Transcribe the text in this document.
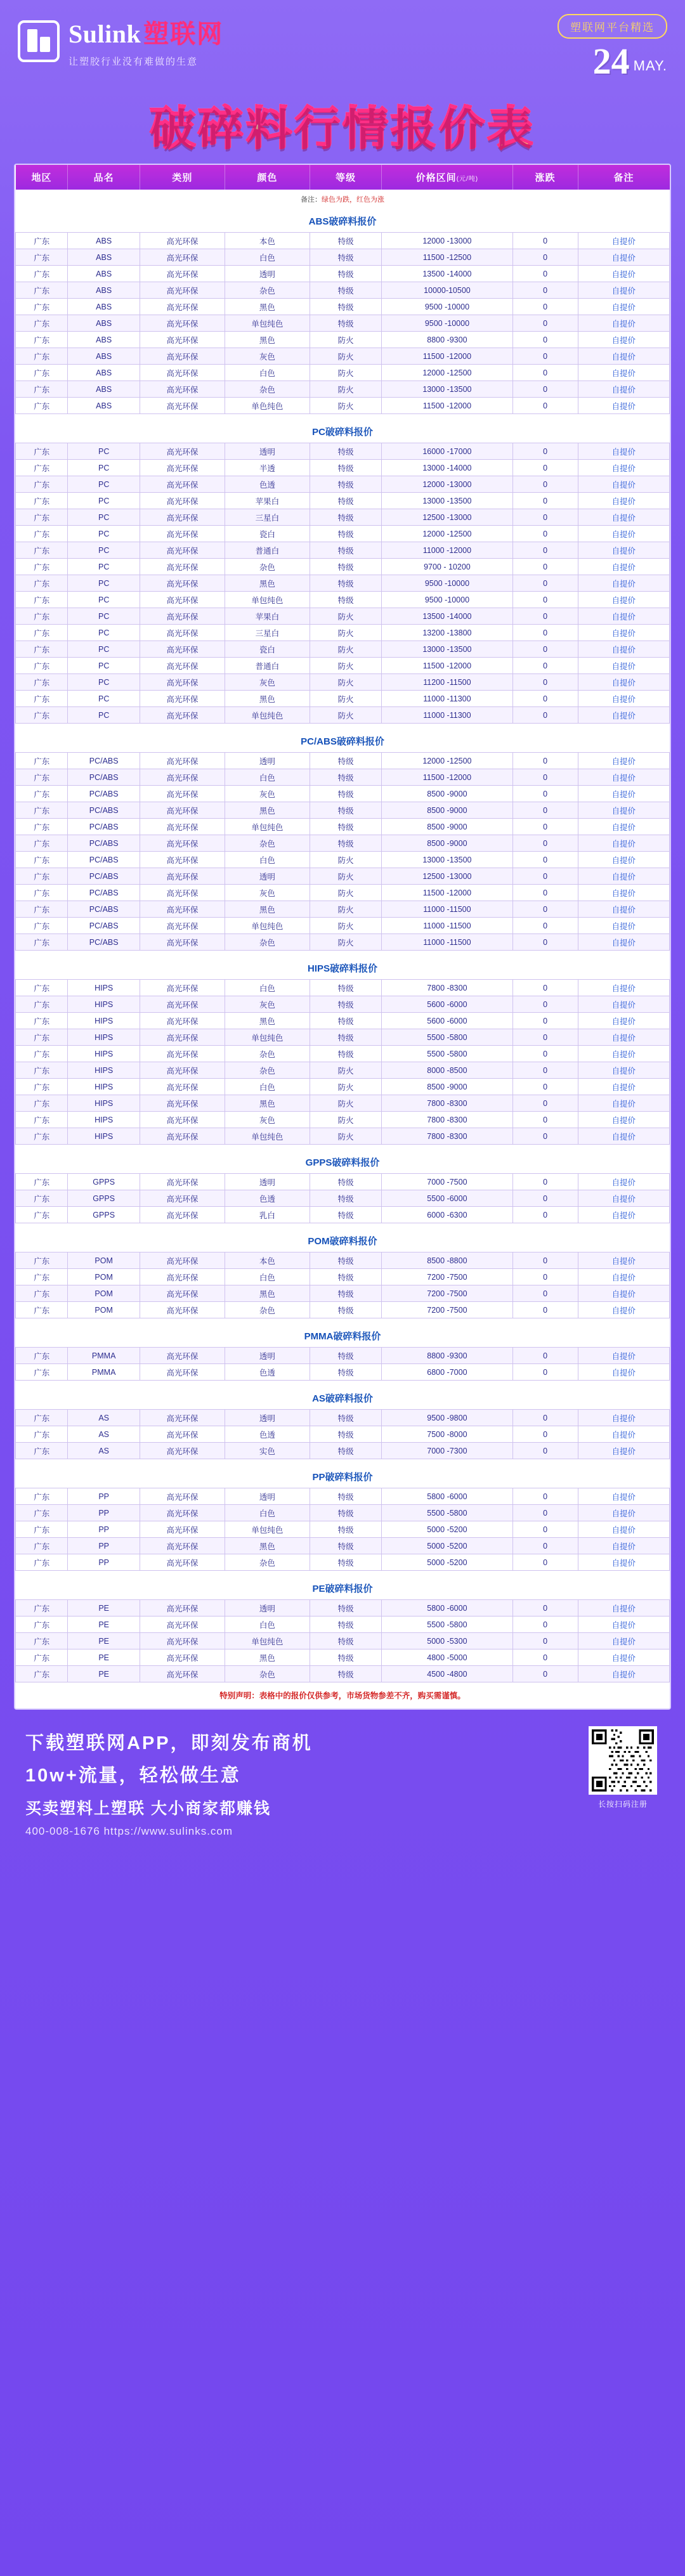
Sulink 塑联网
让塑胶行业没有难做的生意
塑联网平台精选
24 MAY.
破碎料行情报价表
地区	品名	类别	颜色	等级	价格区间(元/吨)	涨跌	备注
备注：绿色为跌，红色为涨							
ABS破碎料报价							
广东	ABS	高光环保	本色	特级	12000 -13000	0	自提价
广东	ABS	高光环保	白色	特级	11500 -12500	0	自提价
广东	ABS	高光环保	透明	特级	13500 -14000	0	自提价
广东	ABS	高光环保	杂色	特级	10000-10500	0	自提价
广东	ABS	高光环保	黑色	特级	9500 -10000	0	自提价
广东	ABS	高光环保	单包纯色	特级	9500 -10000	0	自提价
广东	ABS	高光环保	黑色	防火	8800 -9300	0	自提价
广东	ABS	高光环保	灰色	防火	11500 -12000	0	自提价
广东	ABS	高光环保	白色	防火	12000 -12500	0	自提价
广东	ABS	高光环保	杂色	防火	13000 -13500	0	自提价
广东	ABS	高光环保	单色纯色	防火	11500 -12000	0	自提价

PC破碎料报价							
广东	PC	高光环保	透明	特级	16000 -17000	0	自提价
广东	PC	高光环保	半透	特级	13000 -14000	0	自提价
广东	PC	高光环保	色透	特级	12000 -13000	0	自提价
广东	PC	高光环保	苹果白	特级	13000 -13500	0	自提价
广东	PC	高光环保	三星白	特级	12500 -13000	0	自提价
广东	PC	高光环保	瓷白	特级	12000 -12500	0	自提价
广东	PC	高光环保	普通白	特级	11000 -12000	0	自提价
广东	PC	高光环保	杂色	特级	9700 - 10200	0	自提价
广东	PC	高光环保	黑色	特级	9500 -10000	0	自提价
广东	PC	高光环保	单包纯色	特级	9500 -10000	0	自提价
广东	PC	高光环保	苹果白	防火	13500 -14000	0	自提价
广东	PC	高光环保	三星白	防火	13200 -13800	0	自提价
广东	PC	高光环保	瓷白	防火	13000 -13500	0	自提价
广东	PC	高光环保	普通白	防火	11500 -12000	0	自提价
广东	PC	高光环保	灰色	防火	11200 -11500	0	自提价
广东	PC	高光环保	黑色	防火	11000 -11300	0	自提价
广东	PC	高光环保	单包纯色	防火	11000 -11300	0	自提价

PC/ABS破碎料报价							
广东	PC/ABS	高光环保	透明	特级	12000 -12500	0	自提价
广东	PC/ABS	高光环保	白色	特级	11500 -12000	0	自提价
广东	PC/ABS	高光环保	灰色	特级	8500 -9000	0	自提价
广东	PC/ABS	高光环保	黑色	特级	8500 -9000	0	自提价
广东	PC/ABS	高光环保	单包纯色	特级	8500 -9000	0	自提价
广东	PC/ABS	高光环保	杂色	特级	8500 -9000	0	自提价
广东	PC/ABS	高光环保	白色	防火	13000 -13500	0	自提价
广东	PC/ABS	高光环保	透明	防火	12500 -13000	0	自提价
广东	PC/ABS	高光环保	灰色	防火	11500 -12000	0	自提价
广东	PC/ABS	高光环保	黑色	防火	11000 -11500	0	自提价
广东	PC/ABS	高光环保	单包纯色	防火	11000 -11500	0	自提价
广东	PC/ABS	高光环保	杂色	防火	11000 -11500	0	自提价

HIPS破碎料报价							
广东	HIPS	高光环保	白色	特级	7800 -8300	0	自提价
广东	HIPS	高光环保	灰色	特级	5600 -6000	0	自提价
广东	HIPS	高光环保	黑色	特级	5600 -6000	0	自提价
广东	HIPS	高光环保	单包纯色	特级	5500 -5800	0	自提价
广东	HIPS	高光环保	杂色	特级	5500 -5800	0	自提价
广东	HIPS	高光环保	杂色	防火	8000 -8500	0	自提价
广东	HIPS	高光环保	白色	防火	8500 -9000	0	自提价
广东	HIPS	高光环保	黑色	防火	7800 -8300	0	自提价
广东	HIPS	高光环保	灰色	防火	7800 -8300	0	自提价
广东	HIPS	高光环保	单包纯色	防火	7800 -8300	0	自提价

GPPS破碎料报价							
广东	GPPS	高光环保	透明	特级	7000 -7500	0	自提价
广东	GPPS	高光环保	色透	特级	5500 -6000	0	自提价
广东	GPPS	高光环保	乳白	特级	6000 -6300	0	自提价

POM破碎料报价							
广东	POM	高光环保	本色	特级	8500 -8800	0	自提价
广东	POM	高光环保	白色	特级	7200 -7500	0	自提价
广东	POM	高光环保	黑色	特级	7200 -7500	0	自提价
广东	POM	高光环保	杂色	特级	7200 -7500	0	自提价

PMMA破碎料报价							
广东	PMMA	高光环保	透明	特级	8800 -9300	0	自提价
广东	PMMA	高光环保	色透	特级	6800 -7000	0	自提价

AS破碎料报价							
广东	AS	高光环保	透明	特级	9500 -9800	0	自提价
广东	AS	高光环保	色透	特级	7500 -8000	0	自提价
广东	AS	高光环保	实色	特级	7000 -7300	0	自提价

PP破碎料报价							
广东	PP	高光环保	透明	特级	5800 -6000	0	自提价
广东	PP	高光环保	白色	特级	5500 -5800	0	自提价
广东	PP	高光环保	单包纯色	特级	5000 -5200	0	自提价
广东	PP	高光环保	黑色	特级	5000 -5200	0	自提价
广东	PP	高光环保	杂色	特级	5000 -5200	0	自提价

PE破碎料报价							
广东	PE	高光环保	透明	特级	5800 -6000	0	自提价
广东	PE	高光环保	白色	特级	5500 -5800	0	自提价
广东	PE	高光环保	单包纯色	特级	5000 -5300	0	自提价
广东	PE	高光环保	黑色	特级	4800 -5000	0	自提价
广东	PE	高光环保	杂色	特级	4500 -4800	0	自提价
特别声明：表格中的报价仅供参考，市场货物参差不齐，购买需谨慎。
下载塑联网APP，即刻发布商机
10w+流量，轻松做生意
买卖塑料上塑联 大小商家都赚钱
400-008-1676 https://www.sulinks.com
长按扫码注册
